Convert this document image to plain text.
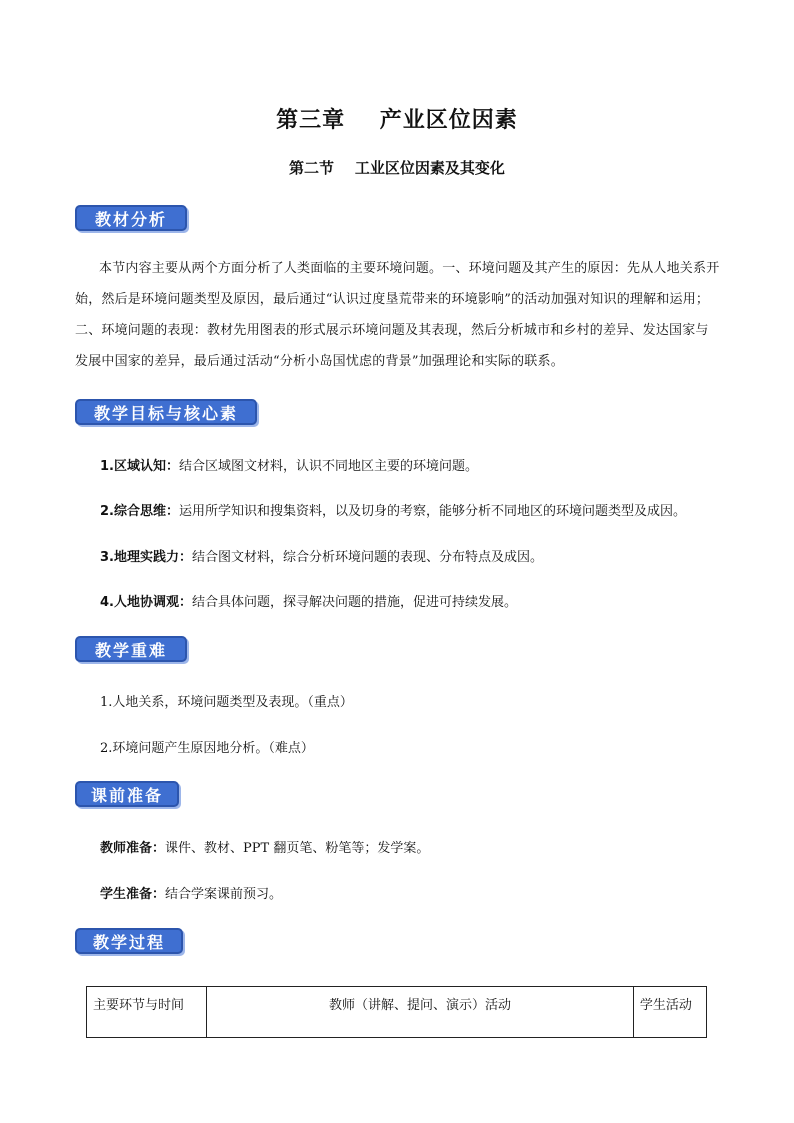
第三章    产业区位因素
第二节    工业区位因素及其变化
教材分析
本节内容主要从两个方面分析了人类面临的主要环境问题。一、环境问题及其产生的原因：先从人地关系开始，然后是环境问题类型及原因，最后通过“认识过度垦荒带来的环境影响”的活动加强对知识的理解和运用；二、环境问题的表现：教材先用图表的形式展示环境问题及其表现，然后分析城市和乡村的差异、发达国家与发展中国家的差异，最后通过活动“分析小岛国忧虑的背景”加强理论和实际的联系。
教学目标与核心素养
1.区域认知：结合区域图文材料，认识不同地区主要的环境问题。
2.综合思维：运用所学知识和搜集资料，以及切身的考察，能够分析不同地区的环境问题类型及成因。
3.地理实践力：结合图文材料，综合分析环境问题的表现、分布特点及成因。
4.人地协调观：结合具体问题，探寻解决问题的措施，促进可持续发展。
教学重难点
1.人地关系，环境问题类型及表现。（重点）
2.环境问题产生原因地分析。（难点）
课前准备
教师准备：课件、教材、PPT 翻页笔、粉笔等；发学案。
学生准备：结合学案课前预习。
教学过程
主要环节与时间	教师（讲解、提问、演示）活动	学生活动
